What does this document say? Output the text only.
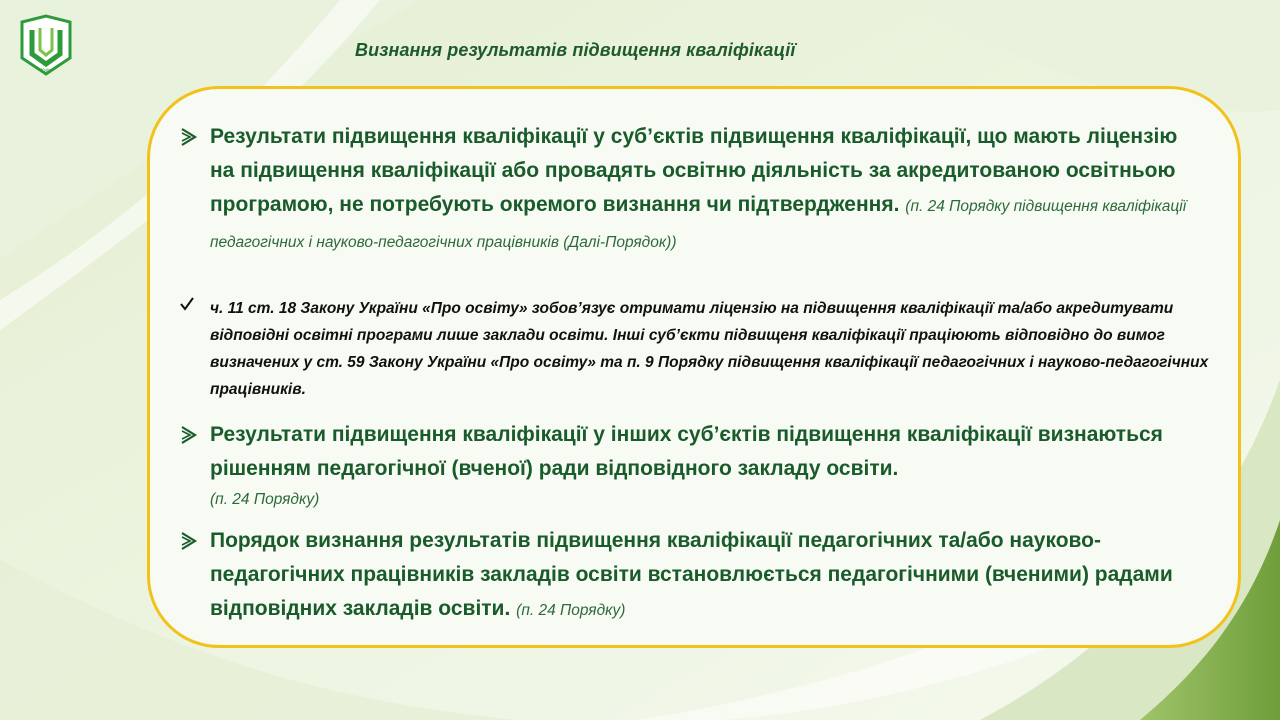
Київ
Визнання результатів підвищення кваліфікації
Результати підвищення кваліфікації у суб’єктів підвищення кваліфікації, що мають ліцензію на підвищення кваліфікації або провадять освітню діяльність за акредитованою освітньою програмою, не потребують окремого визнання чи підтвердження. (п. 24 Порядку підвищення кваліфікації педагогічних і науково-педагогічних працівників (Далі-Порядок))
ч. 11 ст. 18 Закону України «Про освіту» зобов’язує отримати ліцензію на підвищення кваліфікації та/або акредитувати відповідні освітні програми лише заклади освіти. Інші суб’єкти підвищеня кваліфікації праціюють відповідно до вимог визначених у ст. 59 Закону України «Про освіту» та п. 9 Порядку підвищення кваліфікації педагогічних і науково-педагогічних працівників.
Результати підвищення кваліфікації у інших суб’єктів підвищення кваліфікації визнаються рішенням педагогічної (вченої) ради відповідного закладу освіти.
(п. 24 Порядку)
Порядок визнання результатів підвищення кваліфікації педагогічних та/або науково-педагогічних працівників закладів освіти встановлюється педагогічними (вченими) радами відповідних закладів освіти. (п. 24 Порядку)
